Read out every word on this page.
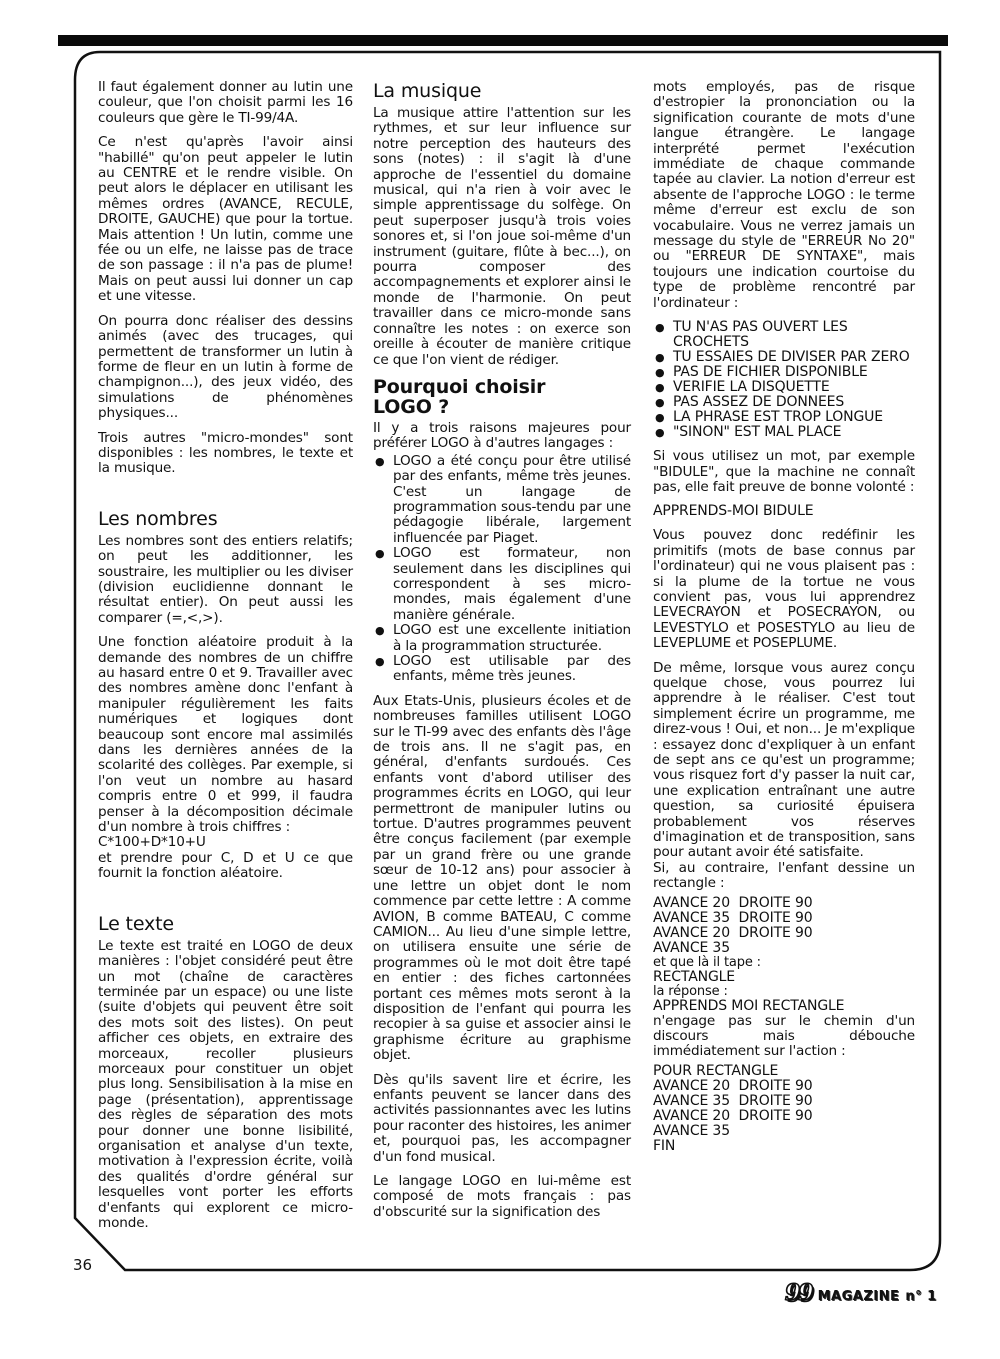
Il faut également donner au lutin une couleur, que l'on choisit parmi les 16 couleurs que gère le TI-99/4A.

Ce n'est qu'après l'avoir ainsi "habillé" qu'on peut appeler le lutin au CENTRE et le rendre visible. On peut alors le déplacer en utilisant les mêmes ordres (AVANCE, RECULE, DROITE, GAUCHE) que pour la tortue. Mais attention ! Un lutin, comme une fée ou un elfe, ne laisse pas de trace de son passage : il n'a pas de plume! Mais on peut aussi lui donner un cap et une vitesse.

On pourra donc réaliser des dessins animés (avec des trucages, qui permettent de transformer un lutin à forme de fleur en un lutin à forme de champignon...), des jeux vidéo, des simulations de phénomènes physiques...

Trois autres "micro-mondes" sont disponibles : les nombres, le texte et la musique.

Les nombres

Les nombres sont des entiers relatifs; on peut les additionner, les soustraire, les multiplier ou les diviser (division euclidienne donnant le résultat entier). On peut aussi les comparer (=,<,>).

Une fonction aléatoire produit à la demande des nombres de un chiffre au hasard entre 0 et 9. Travailler avec des nombres amène donc l'enfant à manipuler régulièrement les faits numériques et logiques dont beaucoup sont encore mal assimilés dans les dernières années de la scolarité des collèges. Par exemple, si l'on veut un nombre au hasard compris entre 0 et 999, il faudra penser à la décomposition décimale d'un nombre à trois chiffres :

C*100+D*10+U

et prendre pour C, D et U ce que fournit la fonction aléatoire.

Le texte

Le texte est traité en LOGO de deux manières : l'objet considéré peut être un mot (chaîne de caractères terminée par un espace) ou une liste (suite d'objets qui peuvent être soit des mots soit des listes). On peut afficher ces objets, en extraire des morceaux, recoller plusieurs morceaux pour constituer un objet plus long. Sensibilisation à la mise en page (présentation), apprentissage des règles de séparation des mots pour donner une bonne lisibilité, organisation et analyse d'un texte, motivation à l'expression écrite, voilà des qualités d'ordre général sur lesquelles vont porter les efforts d'enfants qui explorent ce micro-monde.

La musique

La musique attire l'attention sur les rythmes, et sur leur influence sur notre perception des hauteurs des sons (notes) : il s'agit là d'une approche de l'essentiel du domaine musical, qui n'a rien à voir avec le simple apprentissage du solfège. On peut superposer jusqu'à trois voies sonores et, si l'on joue soi-même d'un instrument (guitare, flûte à bec...), on pourra composer des accompagnements et explorer ainsi le monde de l'harmonie. On peut travailler dans ce micro-monde sans connaître les notes : on exerce son oreille à écouter de manière critique ce que l'on vient de rédiger.

Pourquoi choisir
LOGO ?

Il y a trois raisons majeures pour préférer LOGO à d'autres langages :

● LOGO a été conçu pour être utilisé par des enfants, même très jeunes. C'est un langage de programmation sous-tendu par une pédagogie libérale, largement influencée par Piaget.
● LOGO est formateur, non seulement dans les disciplines qui correspondent à ses micro-mondes, mais également d'une manière générale.
● LOGO est une excellente initiation à la programmation structurée.
● LOGO est utilisable par des enfants, même très jeunes.

Aux Etats-Unis, plusieurs écoles et de nombreuses familles utilisent LOGO sur le TI-99 avec des enfants dès l'âge de trois ans. Il ne s'agit pas, en général, d'enfants surdoués. Ces enfants vont d'abord utiliser des programmes écrits en LOGO, qui leur permettront de manipuler lutins ou tortue. D'autres programmes peuvent être conçus facilement (par exemple par un grand frère ou une grande sœur de 10-12 ans) pour associer à une lettre un objet dont le nom commence par cette lettre : A comme AVION, B comme BATEAU, C comme CAMION... Au lieu d'une simple lettre, on utilisera ensuite une série de programmes où le mot doit être tapé en entier : des fiches cartonnées portant ces mêmes mots seront à la disposition de l'enfant qui pourra les recopier à sa guise et associer ainsi le graphisme écriture au graphisme objet.

Dès qu'ils savent lire et écrire, les enfants peuvent se lancer dans des activités passionnantes avec les lutins pour raconter des histoires, les animer et, pourquoi pas, les accompagner d'un fond musical.

Le langage LOGO en lui-même est composé de mots français : pas d'obscurité sur la signification des

mots employés, pas de risque d'estropier la prononciation ou la signification courante de mots d'une langue étrangère. Le langage interprété permet l'exécution immédiate de chaque commande tapée au clavier. La notion d'erreur est absente de l'approche LOGO : le terme même d'erreur est exclu de son vocabulaire. Vous ne verrez jamais un message du style de "ERREUR No 20" ou "ERREUR DE SYNTAXE", mais toujours une indication courtoise du type de problème rencontré par l'ordinateur :

● TU N'AS PAS OUVERT LES CROCHETS
● TU ESSAIES DE DIVISER PAR ZERO
● PAS DE FICHIER DISPONIBLE
● VERIFIE LA DISQUETTE
● PAS ASSEZ DE DONNEES
● LA PHRASE EST TROP LONGUE
● "SINON" EST MAL PLACE

Si vous utilisez un mot, par exemple "BIDULE", que la machine ne connaît pas, elle fait preuve de bonne volonté :

APPRENDS-MOI BIDULE

Vous pouvez donc redéfinir les primitifs (mots de base connus par l'ordinateur) qui ne vous plaisent pas : si la plume de la tortue ne vous convient pas, vous lui apprendrez LEVECRAYON et POSECRAYON, ou LEVESTYLO et POSESTYLO au lieu de LEVEPLUME et POSEPLUME.

De même, lorsque vous aurez conçu quelque chose, vous pourrez lui apprendre à le réaliser. C'est tout simplement écrire un programme, me direz-vous ! Oui, et non... Je m'explique : essayez donc d'expliquer à un enfant de sept ans ce qu'est un programme; vous risquez fort d'y passer la nuit car, une explication entraînant une autre question, sa curiosité épuisera probablement vos réserves d'imagination et de transposition, sans pour autant avoir été satisfaite.

Si, au contraire, l'enfant dessine un rectangle :

AVANCE 20  DROITE 90
AVANCE 35  DROITE 90
AVANCE 20  DROITE 90
AVANCE 35
et que là il tape :
RECTANGLE
la réponse :
APPRENDS MOI RECTANGLE

n'engage pas sur le chemin d'un discours mais débouche immédiatement sur l'action :

POUR RECTANGLE
AVANCE 20  DROITE 90
AVANCE 35  DROITE 90
AVANCE 20  DROITE 90
AVANCE 35
FIN
36
99 MAGAZINE n° 1
